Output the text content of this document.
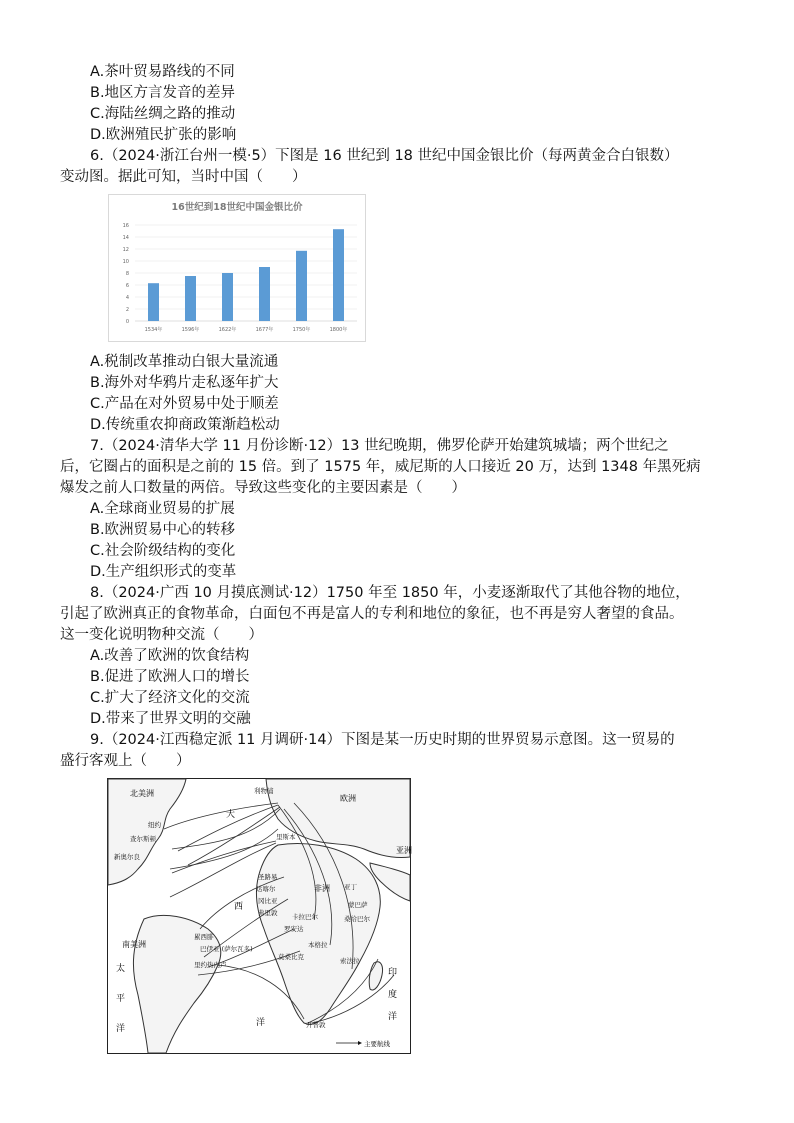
A.茶叶贸易路线的不同
B.地区方言发音的差异
C.海陆丝绸之路的推动
D.欧洲殖民扩张的影响
6.（2024·浙江台州一模·5）下图是 16 世纪到 18 世纪中国金银比价（每两黄金合白银数）
变动图。据此可知，当时中国（　　）
16世纪到18世纪中国金银比价
0
2
4
6
8
10
12
14
16
1534年	1596年	1622年	1677年	1750年	1800年
A.税制改革推动白银大量流通
B.海外对华鸦片走私逐年扩大
C.产品在对外贸易中处于顺差
D.传统重农抑商政策渐趋松动
7.（2024·清华大学 11 月份诊断·12）13 世纪晚期，佛罗伦萨开始建筑城墙；两个世纪之
后，它圈占的面积是之前的 15 倍。到了 1575 年，威尼斯的人口接近 20 万，达到 1348 年黑死病
爆发之前人口数量的两倍。导致这些变化的主要因素是（　　）
A.全球商业贸易的扩展
B.欧洲贸易中心的转移
C.社会阶级结构的变化
D.生产组织形式的变革
8.（2024·广西 10 月摸底测试·12）1750 年至 1850 年，小麦逐渐取代了其他谷物的地位，
引起了欧洲真正的食物革命，白面包不再是富人的专利和地位的象征，也不再是穷人奢望的食品。
这一变化说明物种交流（　　）
A.改善了欧洲的饮食结构
B.促进了欧洲人口的增长
C.扩大了经济文化的交流
D.带来了世界文明的交融
9.（2024·江西稳定派 11 月调研·14）下图是某一历史时期的世界贸易示意图。这一贸易的
盛行客观上（　　）
北美洲
欧洲
亚洲
非洲
南美洲
大
西
洋
太
平
洋
印
度
洋
利物浦
里斯本
纽约
查尔斯顿
新奥尔良
圣路易
达喀尔
冈比亚
弗里敦 卡拉巴尔
罗安达
本格拉
莫桑比克
开普敦
亚丁
蒙巴萨
桑给巴尔
索法拉
里约热内卢
累西腓
巴伊亚 (萨尔瓦多)
主要航线
